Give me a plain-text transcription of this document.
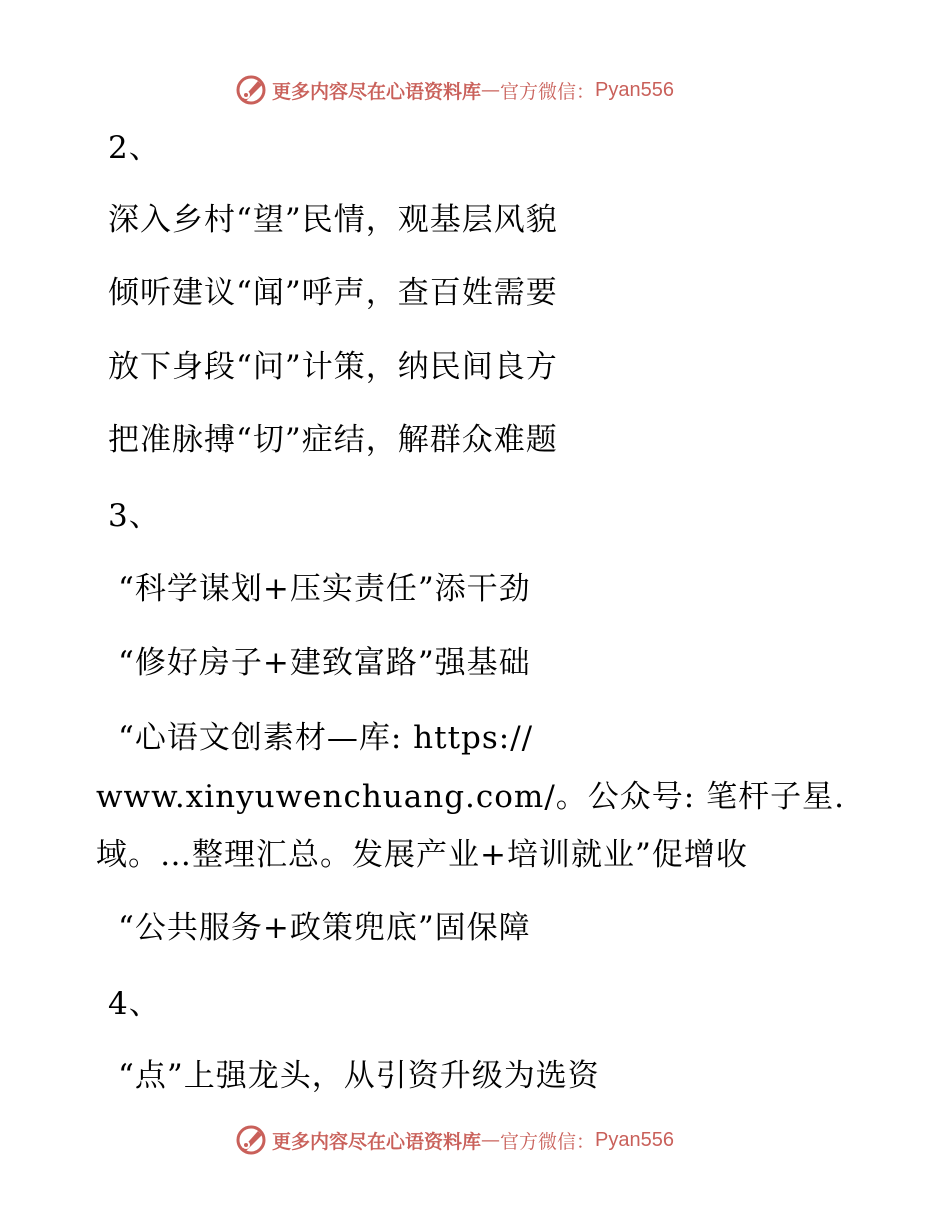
更多内容尽在心语资料库 — 官方微信： Pyan556
2、
深入乡村“望”民情，观基层风貌
倾听建议“闻”呼声，查百姓需要
放下身段“问”计策，纳民间良方
把准脉搏“切”症结，解群众难题
3、
“科学谋划+压实责任”添干劲
“修好房子+建致富路”强基础
“心语文创素材—库: https://
www.xinyuwenchuang.com/。公众号: 笔杆子星.
域。…整理汇总。发展产业+培训就业”促增收
“公共服务+政策兜底”固保障
4、
“点”上强龙头，从引资升级为选资
更多内容尽在心语资料库 — 官方微信： Pyan556
